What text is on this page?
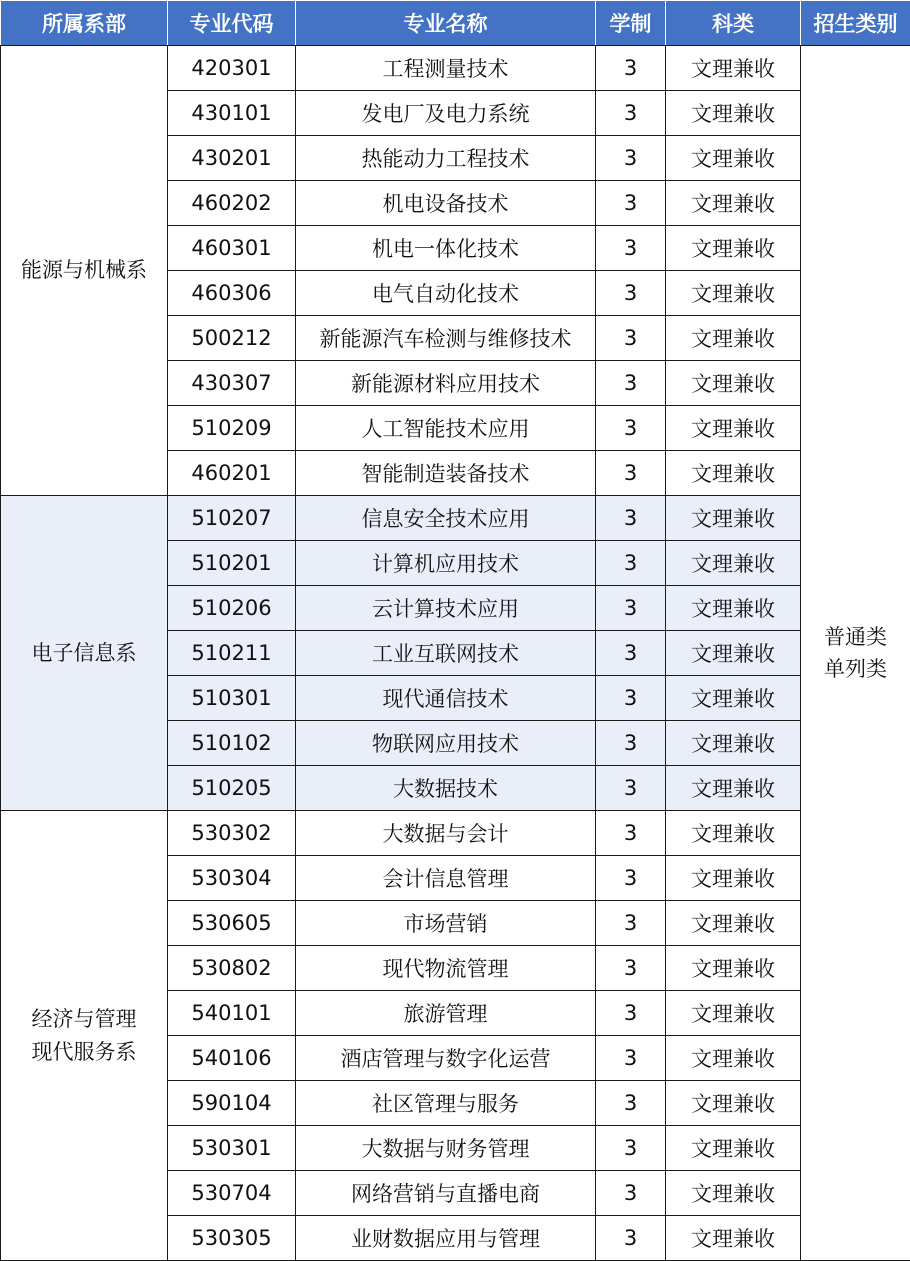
所属系部	专业代码	专业名称	学制	科类	招生类别

能源与机械系	420301	工程测量技术	3	文理兼收	普通类
单列类

	430101	发电厂及电力系统	3	文理兼收	
	430201	热能动力工程技术	3	文理兼收	
	460202	机电设备技术	3	文理兼收	
	460301	机电一体化技术	3	文理兼收	
	460306	电气自动化技术	3	文理兼收	
	500212	新能源汽车检测与维修技术	3	文理兼收	
	430307	新能源材料应用技术	3	文理兼收	
	510209	人工智能技术应用	3	文理兼收	
	460201	智能制造装备技术	3	文理兼收	

电子信息系	510207	信息安全技术应用	3	文理兼收	
	510201	计算机应用技术	3	文理兼收	
	510206	云计算技术应用	3	文理兼收	
	510211	工业互联网技术	3	文理兼收	
	510301	现代通信技术	3	文理兼收	
	510102	物联网应用技术	3	文理兼收	
	510205	大数据技术	3	文理兼收	

经济与管理
现代服务系	530302	大数据与会计	3	文理兼收	
	530304	会计信息管理	3	文理兼收	
	530605	市场营销	3	文理兼收	
	530802	现代物流管理	3	文理兼收	
	540101	旅游管理	3	文理兼收	
	540106	酒店管理与数字化运营	3	文理兼收	
	590104	社区管理与服务	3	文理兼收	
	530301	大数据与财务管理	3	文理兼收	
	530704	网络营销与直播电商	3	文理兼收	
	530305	业财数据应用与管理	3	文理兼收	
